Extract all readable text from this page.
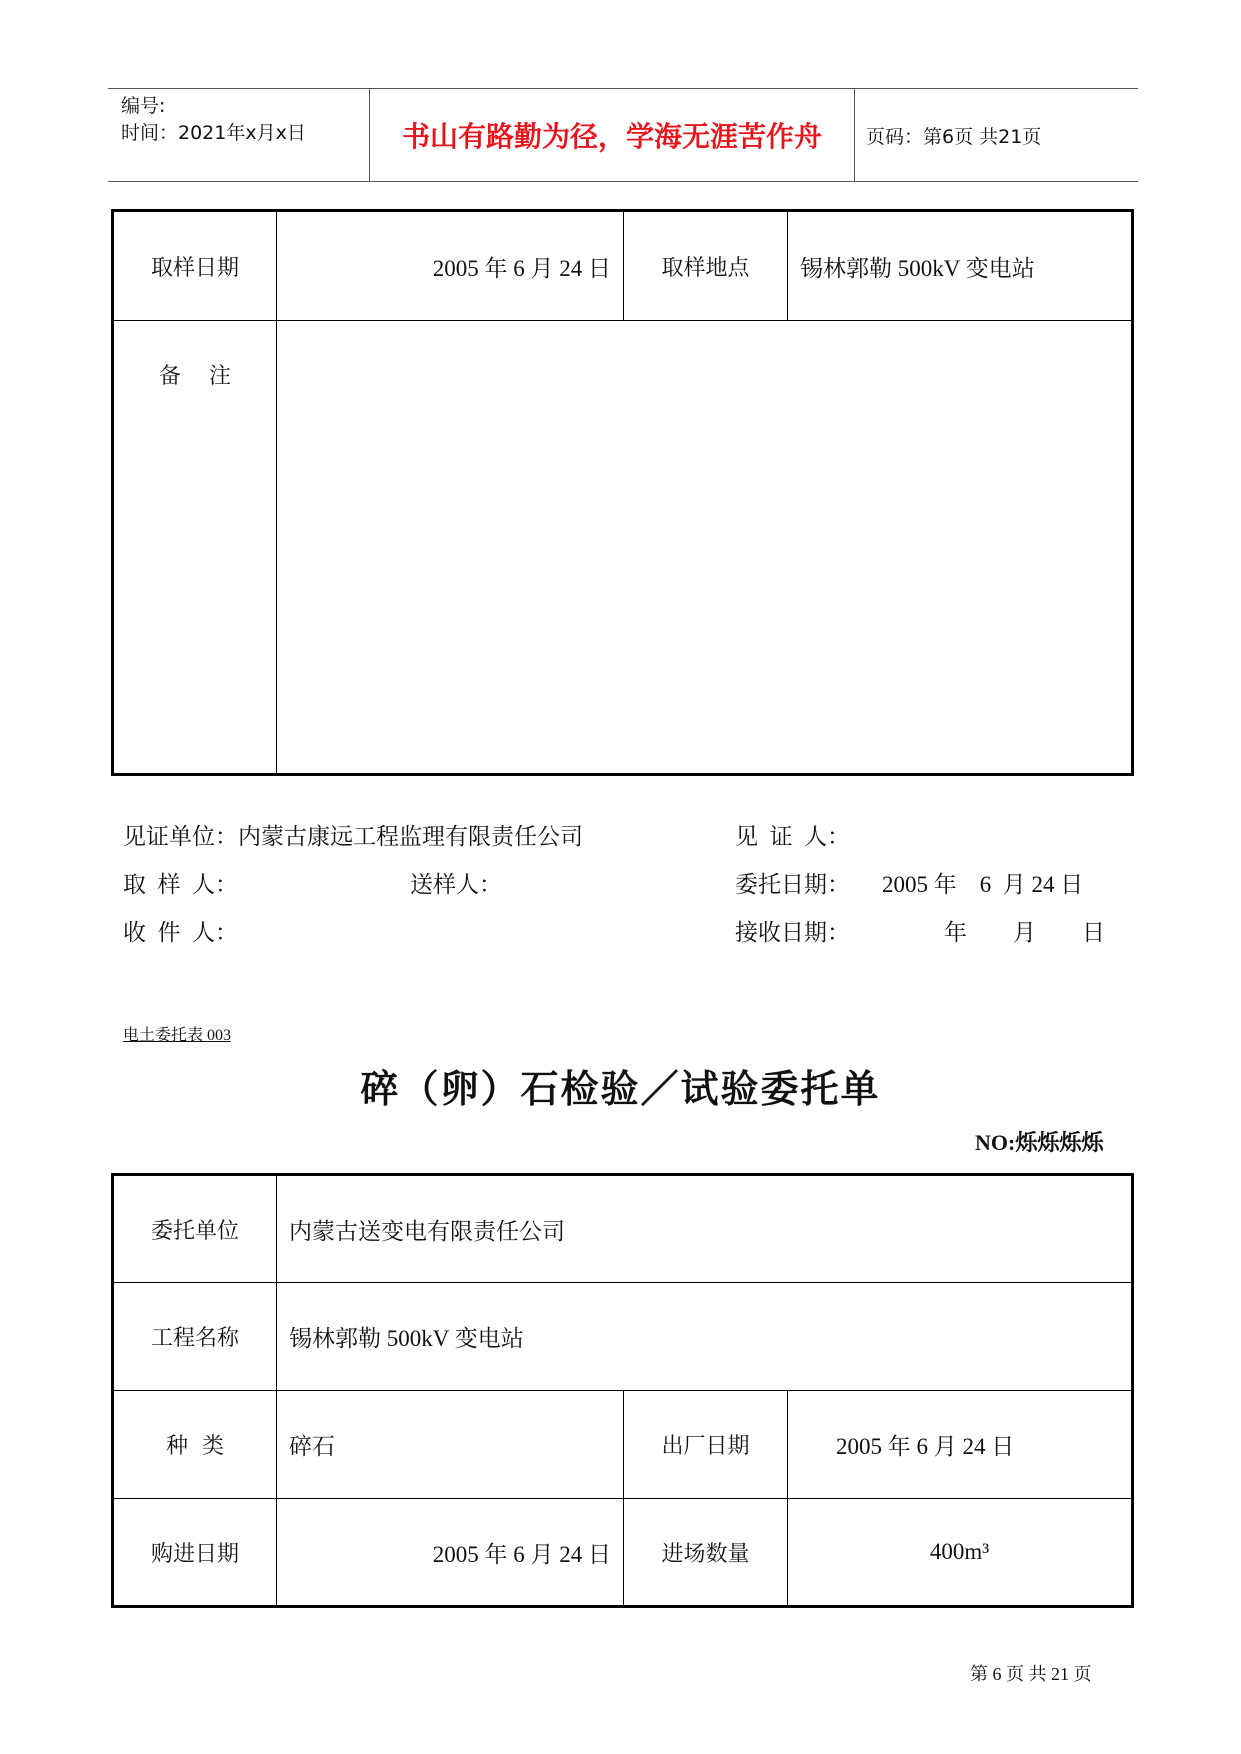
编号:
时间：2021年x月x日	书山有路勤为径，学海无涯苦作舟	页码：第6页 共21页
取样日期	2005 年 6 月 24 日	取样地点	锡林郭勒 500kV 变电站
备    注			
见证单位：内蒙古康远工程监理有限责任公司	见  证  人：
取  样  人：	送样人：	委托日期： 2005 年    6  月 24 日
收  件  人：	接收日期：	年        月        日
电土委托表 003
碎（卵）石检验／试验委托单
NO:烁烁烁烁
委托单位	内蒙古送变电有限责任公司		
工程名称	锡林郭勒 500kV 变电站		
种  类	碎石	出厂日期	2005 年 6 月 24 日
购进日期	2005 年 6 月 24 日	进场数量	400m³
第 6 页 共 21 页
